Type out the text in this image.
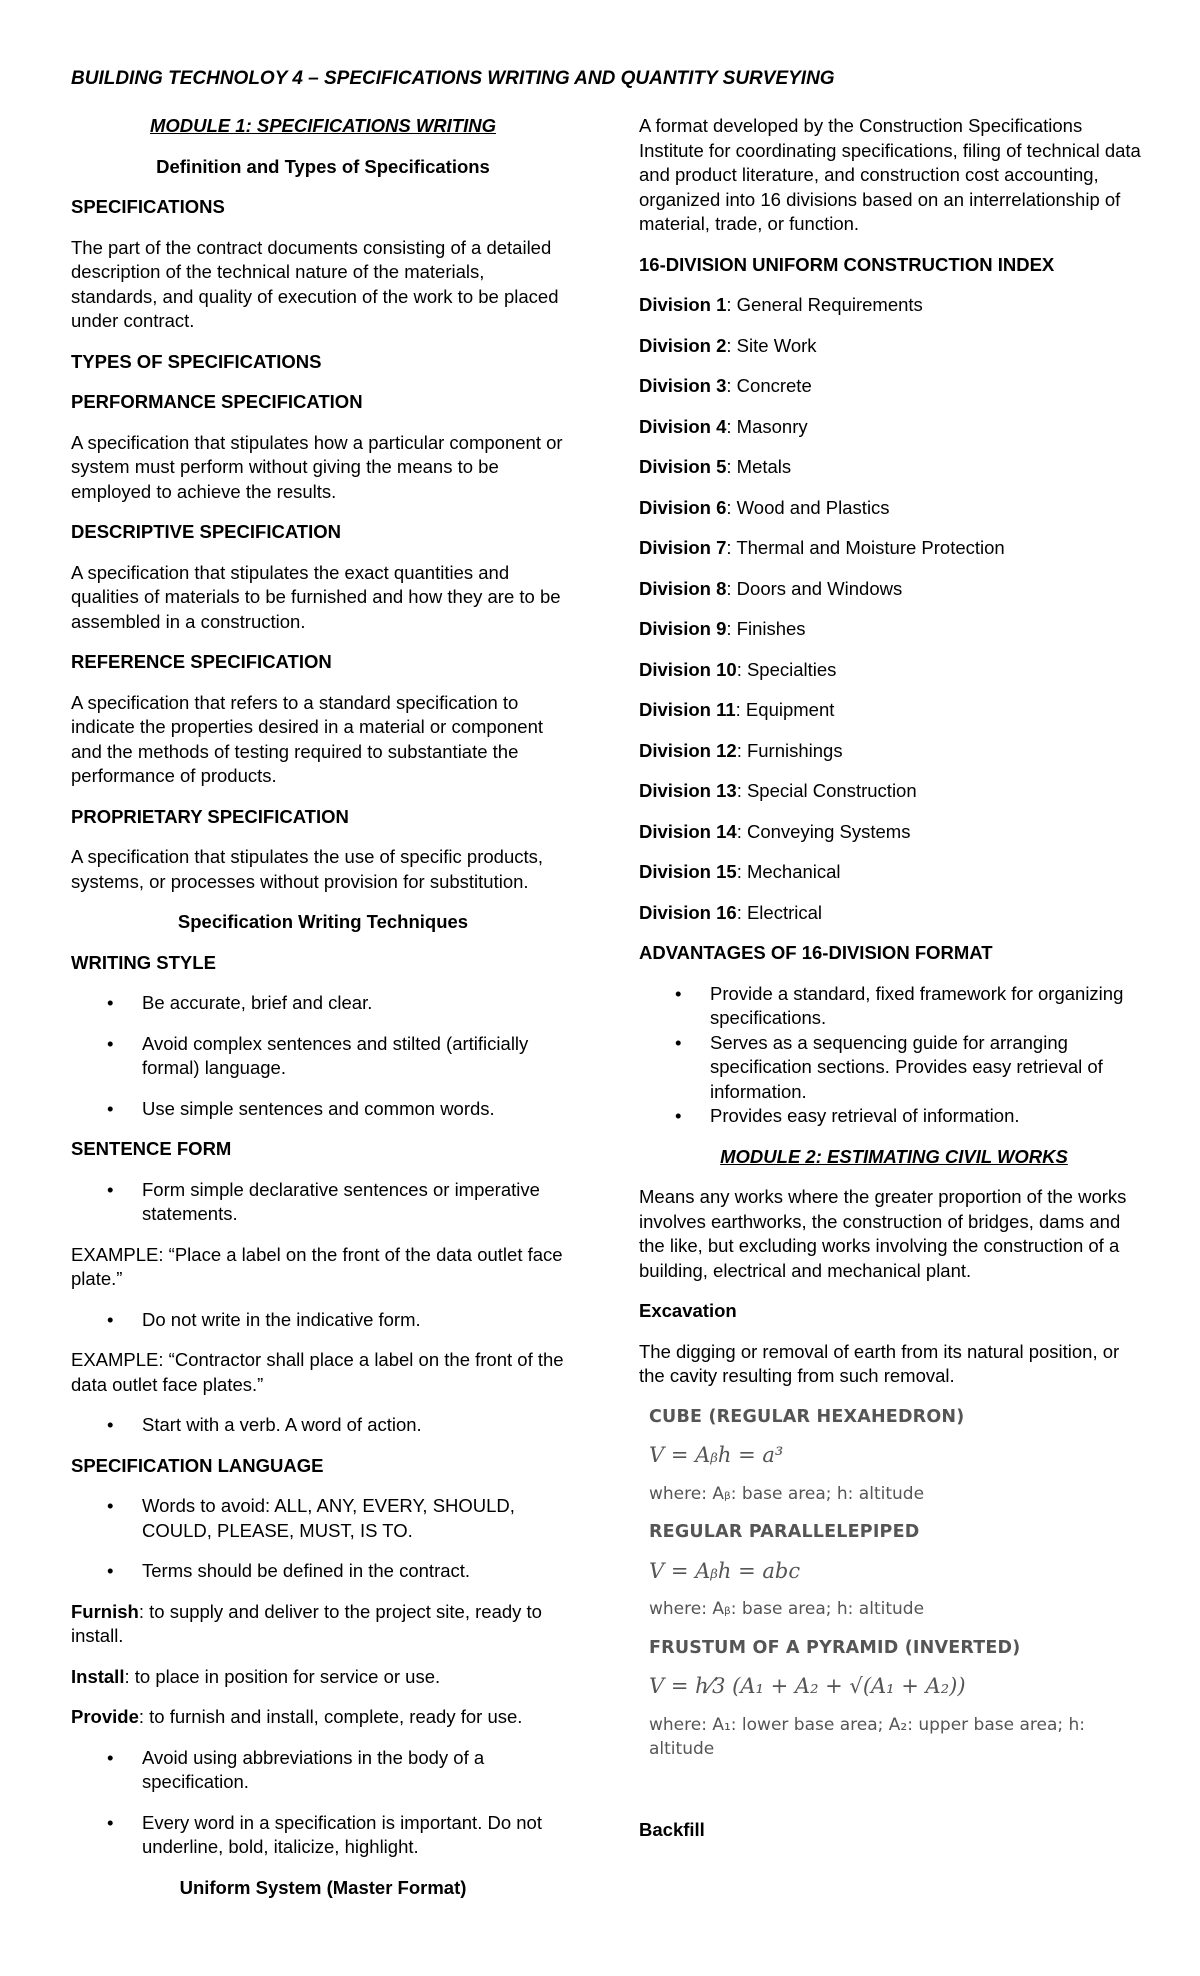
BUILDING TECHNOLOY 4 – SPECIFICATIONS WRITING AND QUANTITY SURVEYING
MODULE 1: SPECIFICATIONS WRITING
Definition and Types of Specifications
SPECIFICATIONS
The part of the contract documents consisting of a detailed description of the technical nature of the materials, standards, and quality of execution of the work to be placed under contract.
TYPES OF SPECIFICATIONS
PERFORMANCE SPECIFICATION
A specification that stipulates how a particular component or system must perform without giving the means to be employed to achieve the results.
DESCRIPTIVE SPECIFICATION
A specification that stipulates the exact quantities and qualities of materials to be furnished and how they are to be assembled in a construction.
REFERENCE SPECIFICATION
A specification that refers to a standard specification to indicate the properties desired in a material or component and the methods of testing required to substantiate the performance of products.
PROPRIETARY SPECIFICATION
A specification that stipulates the use of specific products, systems, or processes without provision for substitution.
Specification Writing Techniques
WRITING STYLE
• Be accurate, brief and clear.
• Avoid complex sentences and stilted (artificially formal) language.
• Use simple sentences and common words.
SENTENCE FORM
• Form simple declarative sentences or imperative statements.
EXAMPLE: “Place a label on the front of the data outlet face plate.”
• Do not write in the indicative form.
EXAMPLE: “Contractor shall place a label on the front of the data outlet face plates.”
• Start with a verb. A word of action.
SPECIFICATION LANGUAGE
• Words to avoid: ALL, ANY, EVERY, SHOULD, COULD, PLEASE, MUST, IS TO.
• Terms should be defined in the contract.
Furnish: to supply and deliver to the project site, ready to install.
Install: to place in position for service or use.
Provide: to furnish and install, complete, ready for use.
• Avoid using abbreviations in the body of a specification.
• Every word in a specification is important. Do not underline, bold, italicize, highlight.
Uniform System (Master Format)
A format developed by the Construction Specifications Institute for coordinating specifications, filing of technical data and product literature, and construction cost accounting, organized into 16 divisions based on an interrelationship of material, trade, or function.
16-DIVISION UNIFORM CONSTRUCTION INDEX
Division 1: General Requirements
Division 2: Site Work
Division 3: Concrete
Division 4: Masonry
Division 5: Metals
Division 6: Wood and Plastics
Division 7: Thermal and Moisture Protection
Division 8: Doors and Windows
Division 9: Finishes
Division 10: Specialties
Division 11: Equipment
Division 12: Furnishings
Division 13: Special Construction
Division 14: Conveying Systems
Division 15: Mechanical
Division 16: Electrical
ADVANTAGES OF 16-DIVISION FORMAT
• Provide a standard, fixed framework for organizing specifications.
• Serves as a sequencing guide for arranging specification sections. Provides easy retrieval of information.
• Provides easy retrieval of information.
MODULE 2: ESTIMATING CIVIL WORKS
Means any works where the greater proportion of the works involves earthworks, the construction of bridges, dams and the like, but excluding works involving the construction of a building, electrical and mechanical plant.
Excavation
The digging or removal of earth from its natural position, or the cavity resulting from such removal.
CUBE (REGULAR HEXAHEDRON)
V = Aᵦh = a³
where: Aᵦ: base area; h: altitude
REGULAR PARALLELEPIPED
V = Aᵦh = abc
where: Aᵦ: base area; h: altitude
FRUSTUM OF A PYRAMID (INVERTED)
V = h⁄3 (A₁ + A₂ + √(A₁ + A₂))
where: A₁: lower base area; A₂: upper base area; h: altitude
Backfill
